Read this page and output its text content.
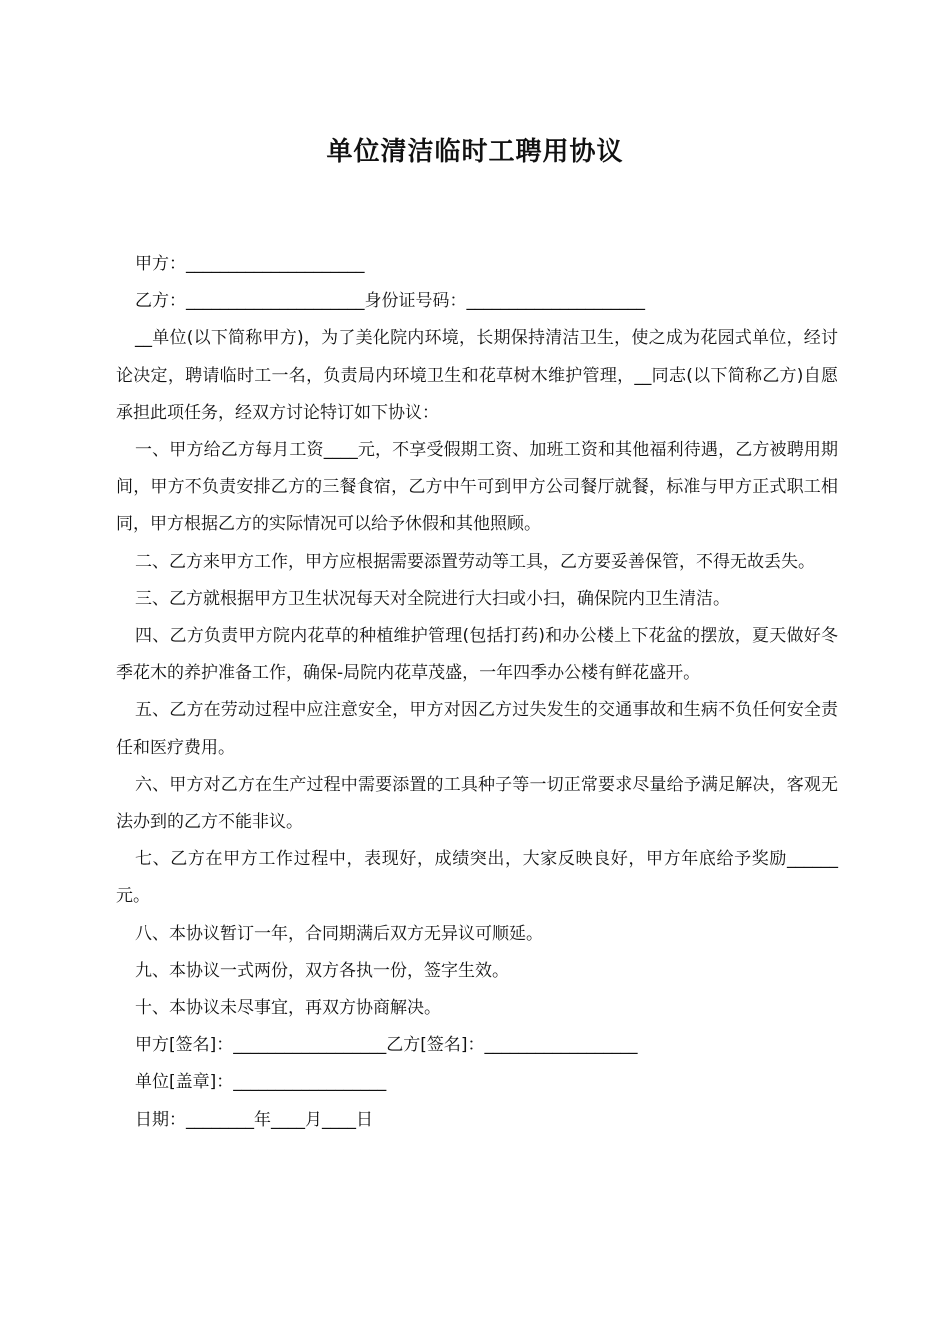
单位清洁临时工聘用协议

甲方：_____________________

乙方：_____________________身份证号码：_____________________

__单位(以下简称甲方)，为了美化院内环境，长期保持清洁卫生，使之成为花园式单位，经讨论决定，聘请临时工一名，负责局内环境卫生和花草树木维护管理，__同志(以下简称乙方)自愿承担此项任务，经双方讨论特订如下协议：

一、甲方给乙方每月工资____元，不享受假期工资、加班工资和其他福利待遇，乙方被聘用期间，甲方不负责安排乙方的三餐食宿，乙方中午可到甲方公司餐厅就餐，标准与甲方正式职工相同，甲方根据乙方的实际情况可以给予休假和其他照顾。

二、乙方来甲方工作，甲方应根据需要添置劳动等工具，乙方要妥善保管，不得无故丢失。

三、乙方就根据甲方卫生状况每天对全院进行大扫或小扫，确保院内卫生清洁。

四、乙方负责甲方院内花草的种植维护管理(包括打药)和办公楼上下花盆的摆放，夏天做好冬季花木的养护准备工作，确保-局院内花草茂盛，一年四季办公楼有鲜花盛开。

五、乙方在劳动过程中应注意安全，甲方对因乙方过失发生的交通事故和生病不负任何安全责任和医疗费用。

六、甲方对乙方在生产过程中需要添置的工具种子等一切正常要求尽量给予满足解决，客观无法办到的乙方不能非议。

七、乙方在甲方工作过程中，表现好，成绩突出，大家反映良好，甲方年底给予奖励______元。

八、本协议暂订一年，合同期满后双方无异议可顺延。

九、本协议一式两份，双方各执一份，签字生效。

十、本协议未尽事宜，再双方协商解决。

甲方[签名]：__________________乙方[签名]：__________________

单位[盖章]：__________________

日期：________年____月____日
